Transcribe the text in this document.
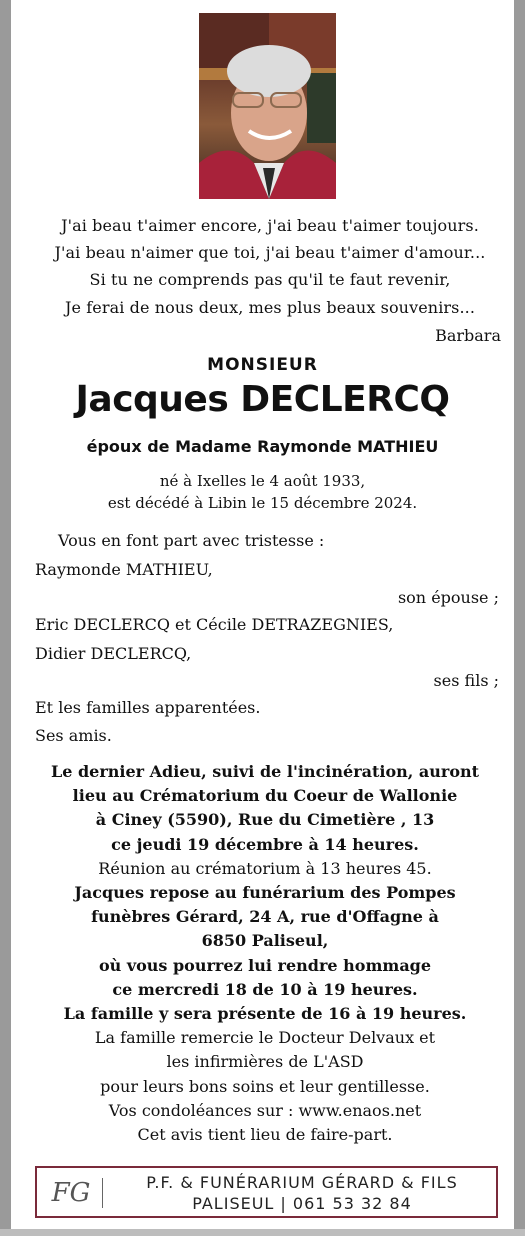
J'ai beau t'aimer encore, j'ai beau t'aimer toujours.
J'ai beau n'aimer que toi, j'ai beau t'aimer d'amour...
Si tu ne comprends pas qu'il te faut revenir,
Je ferai de nous deux, mes plus beaux souvenirs...
Barbara
MONSIEUR
Jacques DECLERCQ
époux de Madame Raymonde MATHIEU
né à Ixelles le 4 août 1933,
est décédé à Libin le 15 décembre 2024.
Vous en font part avec tristesse :
Raymonde MATHIEU,
son épouse ;
Eric DECLERCQ et Cécile DETRAZEGNIES,
Didier DECLERCQ,
ses fils ;
Et les familles apparentées.
Ses amis.
Le dernier Adieu, suivi de l'incinération, auront
lieu au Crématorium du Coeur de Wallonie
à Ciney (5590), Rue du Cimetière , 13
ce jeudi 19 décembre à 14 heures.
Réunion au crématorium à 13 heures 45.
Jacques repose au funérarium des Pompes
funèbres Gérard, 24 A, rue d'Offagne à
6850 Paliseul,
où vous pourrez lui rendre hommage
ce mercredi 18 de 10 à 19 heures.
La famille y sera présente de 16 à 19 heures.
La famille remercie le Docteur Delvaux et
les infirmières de L'ASD
pour leurs bons soins et leur gentillesse.
Vos condoléances sur : www.enaos.net
Cet avis tient lieu de faire-part.
FG	P.F. & FUNÉRARIUM GÉRARD & FILS
PALISEUL | 061 53 32 84
